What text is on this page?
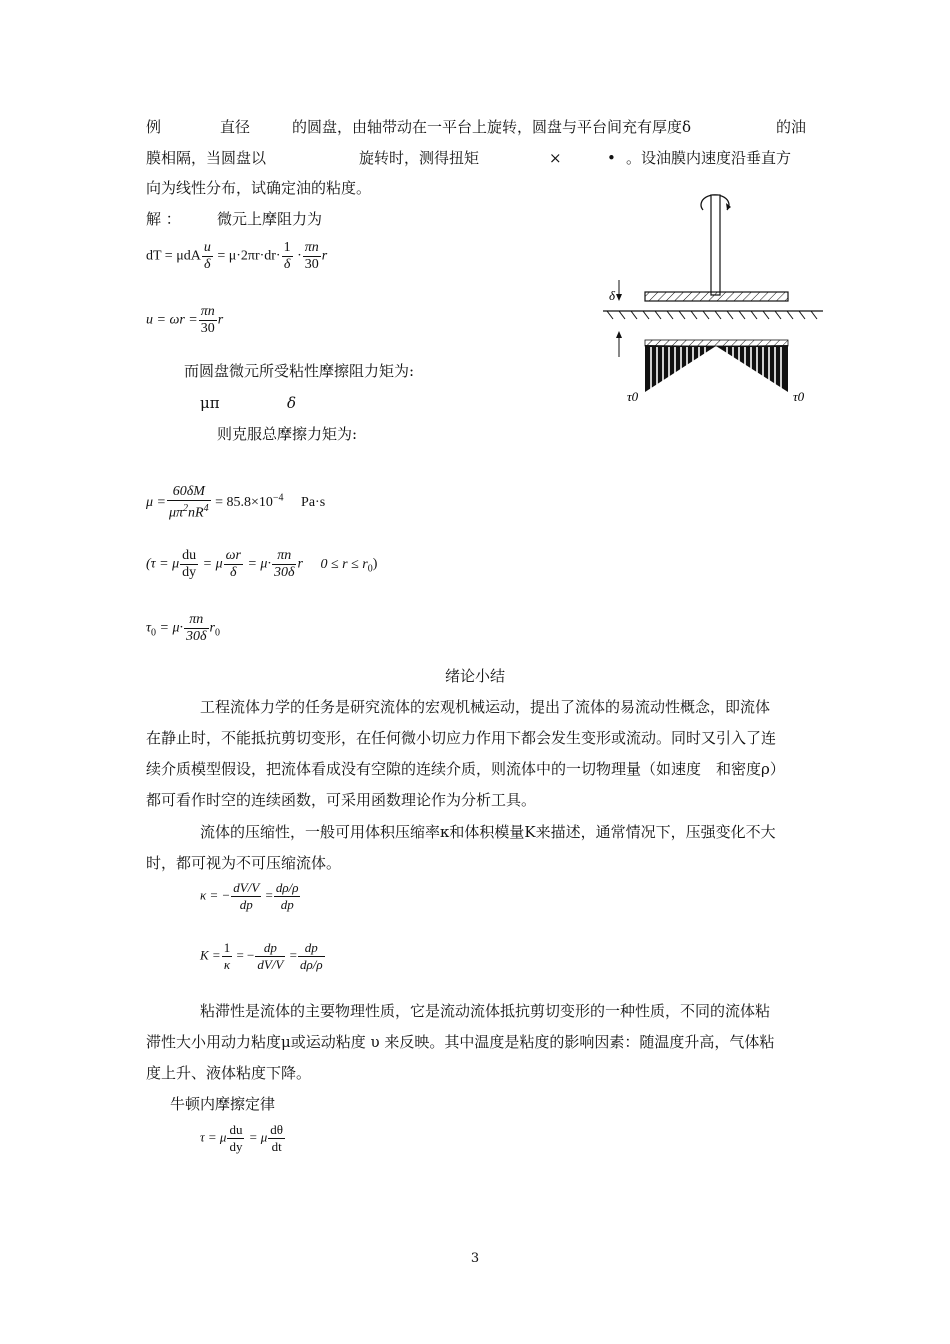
例	直径	的圆盘，由轴带动在一平台上旋转，圆盘与平台间充有厚度δ	的油
膜相隔，当圆盘以	旋转时，测得扭矩	×	• 。设油膜内速度沿垂直方
向为线性分布，试确定油的粘度。
解 ： 微元上摩阻力为
dT = μdA $\frac{u}{\delta} = \mu\cdot 2\pi r\cdot dr\cdot \frac{1}{\delta} \cdot \frac{\pi n}{30}$ r
$u = \omega r = \frac{\pi n}{30}$ r
而圆盘微元所受粘性摩擦阻力矩为:
μπ	δ
则克服总摩擦力矩为:
$\mu = \frac{60\delta M}{\mu\pi^2nR^4} = 85.8\times 10^{-4}$ Pa·s
(τ = μ $\frac{du}{dy} = \mu \frac{\omega r}{\delta} = \mu\cdot \frac{\pi n}{30\delta}$ r $0 \le r \le r_0$)
$\tau_0 = \mu\cdot \frac{\pi n}{30\delta} r_0$
δ
τ0	τ0
绪论小结
工程流体力学的任务是研究流体的宏观机械运动，提出了流体的易流动性概念，即流体
在静止时，不能抵抗剪切变形，在任何微小切应力作用下都会发生变形或流动。同时又引入了连
续介质模型假设，把流体看成没有空隙的连续介质，则流体中的一切物理量（如速度　和密度ρ）
都可看作时空的连续函数，可采用函数理论作为分析工具。
流体的压缩性，一般可用体积压缩率κ和体积模量K来描述，通常情况下，压强变化不大
时，都可视为不可压缩流体。
κ = − $\frac{dV/V}{dp} = \frac{d\rho/\rho}{dp}$
$K = \frac{1}{\kappa}$ = − $\frac{dp}{dV/V} = \frac{dp}{d\rho/\rho}$
粘滞性是流体的主要物理性质，它是流动流体抵抗剪切变形的一种性质，不同的流体粘
滞性大小用动力粘度μ或运动粘度 υ 来反映。其中温度是粘度的影响因素：随温度升高，气体粘
度上升、液体粘度下降。
牛顿内摩擦定律
τ = μ $\frac{du}{dy} = \mu \frac{d\theta}{dt}$
3
